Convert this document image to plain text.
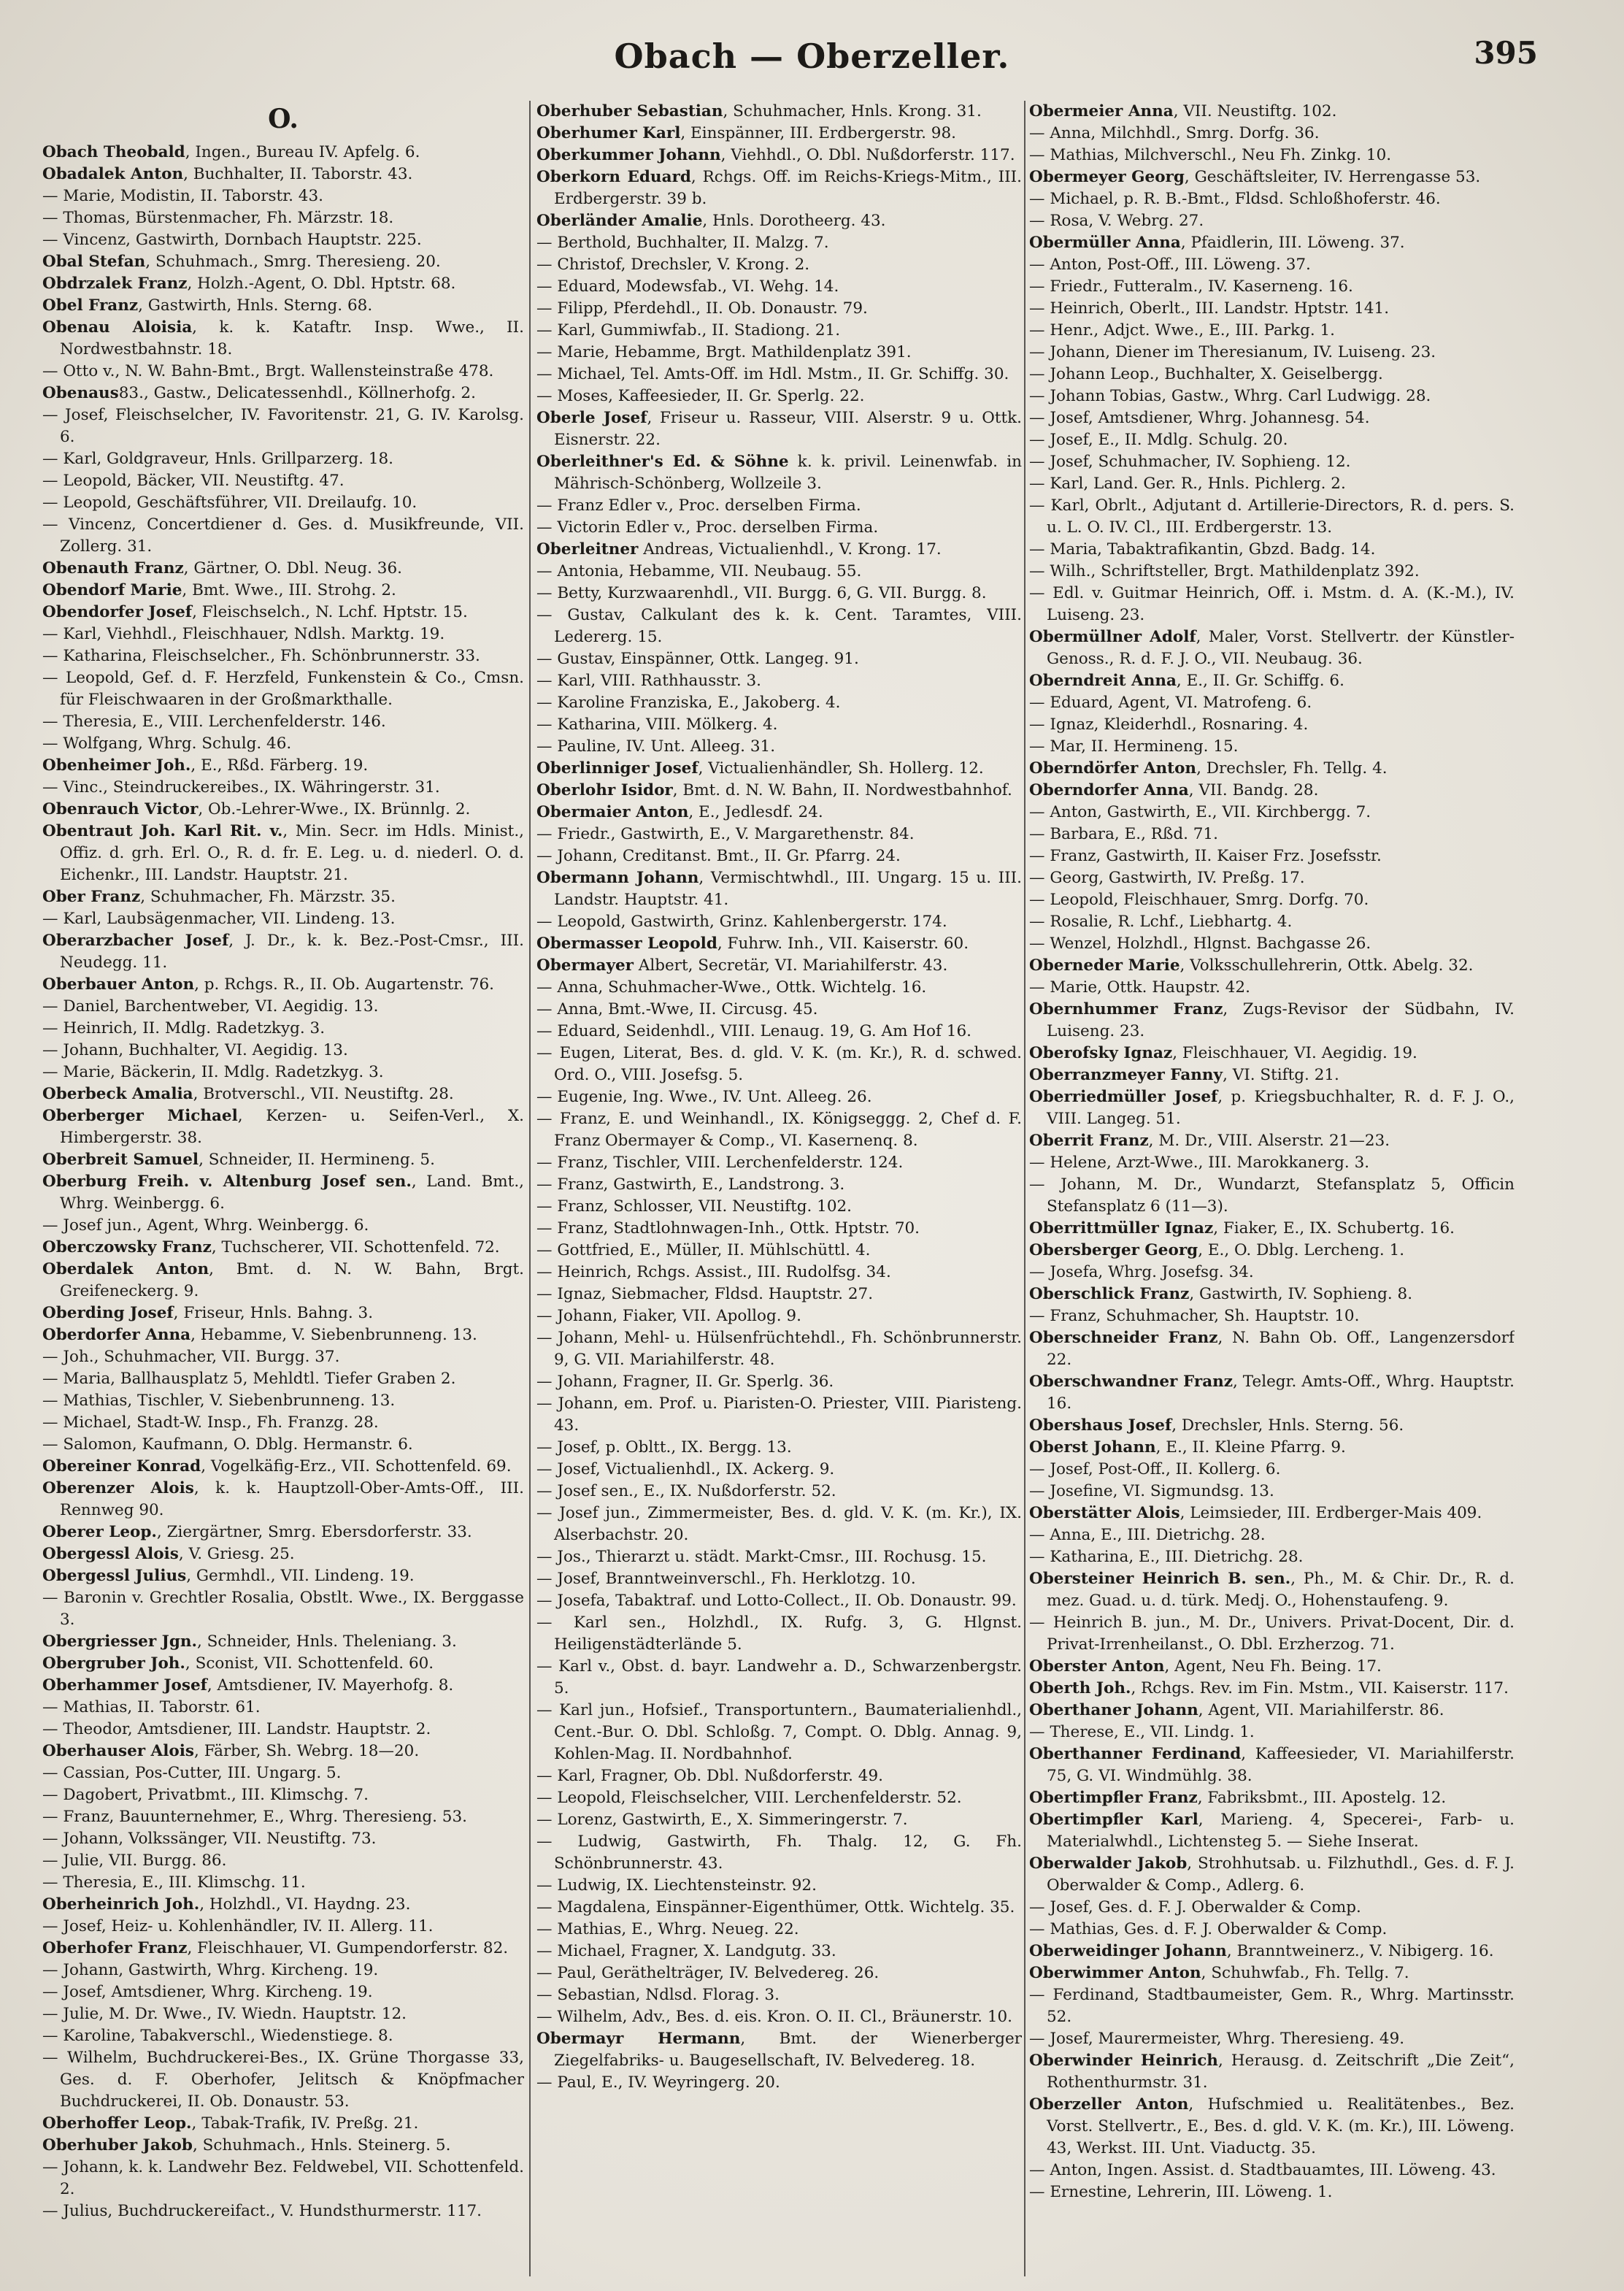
Obach — Oberzeller.	395
O.
Obach Theobald, Ingen., Bureau IV. Apfelg. 6.
Obadalek Anton, Buchhalter, II. Taborstr. 43.
— Marie, Modistin, II. Taborstr. 43.
— Thomas, Bürstenmacher, Fh. Märzstr. 18.
— Vincenz, Gastwirth, Dornbach Hauptstr. 225.
Obal Stefan, Schuhmach., Smrg. Theresieng. 20.
Obdrzalek Franz, Holzh.-Agent, O. Dbl. Hptstr. 68.
Obel Franz, Gastwirth, Hnls. Sterng. 68.
Obenau Aloisia, k. k. Kataftr. Insp. Wwe., II. Nordwestbahnstr. 18.
— Otto v., N. W. Bahn-Bmt., Brgt. Wallensteinstraße 478.
Obenaus83., Gastw., Delicatessenhdl., Köllnerhofg. 2.
— Josef, Fleischselcher, IV. Favoritenstr. 21, G. IV. Karolsg. 6.
— Karl, Goldgraveur, Hnls. Grillparzerg. 18.
— Leopold, Bäcker, VII. Neustiftg. 47.
— Leopold, Geschäftsführer, VII. Dreilaufg. 10.
— Vincenz, Concertdiener d. Ges. d. Musikfreunde, VII. Zollerg. 31.
Obenauth Franz, Gärtner, O. Dbl. Neug. 36.
Obendorf Marie, Bmt. Wwe., III. Strohg. 2.
Obendorfer Josef, Fleischselch., N. Lchf. Hptstr. 15.
— Karl, Viehhdl., Fleischhauer, Ndlsh. Marktg. 19.
— Katharina, Fleischselcher., Fh. Schönbrunnerstr. 33.
— Leopold, Gef. d. F. Herzfeld, Funkenstein & Co., Cmsn. für Fleischwaaren in der Großmarkthalle.
— Theresia, E., VIII. Lerchenfelderstr. 146.
— Wolfgang, Whrg. Schulg. 46.
Obenheimer Joh., E., Rßd. Färberg. 19.
— Vinc., Steindruckereibes., IX. Währingerstr. 31.
Obenrauch Victor, Ob.-Lehrer-Wwe., IX. Brünnlg. 2.
Obentraut Joh. Karl Rit. v., Min. Secr. im Hdls. Minist., Offiz. d. grh. Erl. O., R. d. fr. E. Leg. u. d. niederl. O. d. Eichenkr., III. Landstr. Hauptstr. 21.
Ober Franz, Schuhmacher, Fh. Märzstr. 35.
— Karl, Laubsägenmacher, VII. Lindeng. 13.
Oberarzbacher Josef, J. Dr., k. k. Bez.-Post-Cmsr., III. Neudegg. 11.
Oberbauer Anton, p. Rchgs. R., II. Ob. Augartenstr. 76.
— Daniel, Barchentweber, VI. Aegidig. 13.
— Heinrich, II. Mdlg. Radetzkyg. 3.
— Johann, Buchhalter, VI. Aegidig. 13.
— Marie, Bäckerin, II. Mdlg. Radetzkyg. 3.
Oberbeck Amalia, Brotverschl., VII. Neustiftg. 28.
Oberberger Michael, Kerzen- u. Seifen-Verl., X. Himbergerstr. 38.
Oberbreit Samuel, Schneider, II. Hermineng. 5.
Oberburg Freih. v. Altenburg Josef sen., Land. Bmt., Whrg. Weinbergg. 6.
— Josef jun., Agent, Whrg. Weinbergg. 6.
Oberczowsky Franz, Tuchscherer, VII. Schottenfeld. 72.
Oberdalek Anton, Bmt. d. N. W. Bahn, Brgt. Greifeneckerg. 9.
Oberding Josef, Friseur, Hnls. Bahng. 3.
Oberdorfer Anna, Hebamme, V. Siebenbrunneng. 13.
— Joh., Schuhmacher, VII. Burgg. 37.
— Maria, Ballhausplatz 5, Mehldtl. Tiefer Graben 2.
— Mathias, Tischler, V. Siebenbrunneng. 13.
— Michael, Stadt-W. Insp., Fh. Franzg. 28.
— Salomon, Kaufmann, O. Dblg. Hermanstr. 6.
Obereiner Konrad, Vogelkäfig-Erz., VII. Schottenfeld. 69.
Oberenzer Alois, k. k. Hauptzoll-Ober-Amts-Off., III. Rennweg 90.
Oberer Leop., Ziergärtner, Smrg. Ebersdorferstr. 33.
Obergessl Alois, V. Griesg. 25.
Obergessl Julius, Germhdl., VII. Lindeng. 19.
— Baronin v. Grechtler Rosalia, Obstlt. Wwe., IX. Berggasse 3.
Obergriesser Jgn., Schneider, Hnls. Theleniang. 3.
Obergruber Joh., Sconist, VII. Schottenfeld. 60.
Oberhammer Josef, Amtsdiener, IV. Mayerhofg. 8.
— Mathias, II. Taborstr. 61.
— Theodor, Amtsdiener, III. Landstr. Hauptstr. 2.
Oberhauser Alois, Färber, Sh. Webrg. 18—20.
— Cassian, Pos-Cutter, III. Ungarg. 5.
— Dagobert, Privatbmt., III. Klimschg. 7.
— Franz, Bauunternehmer, E., Whrg. Theresieng. 53.
— Johann, Volkssänger, VII. Neustiftg. 73.
— Julie, VII. Burgg. 86.
— Theresia, E., III. Klimschg. 11.
Oberheinrich Joh., Holzhdl., VI. Haydng. 23.
— Josef, Heiz- u. Kohlenhändler, IV. II. Allerg. 11.
Oberhofer Franz, Fleischhauer, VI. Gumpendorferstr. 82.
— Johann, Gastwirth, Whrg. Kircheng. 19.
— Josef, Amtsdiener, Whrg. Kircheng. 19.
— Julie, M. Dr. Wwe., IV. Wiedn. Hauptstr. 12.
— Karoline, Tabakverschl., Wiedenstiege. 8.
— Wilhelm, Buchdruckerei-Bes., IX. Grüne Thorgasse 33, Ges. d. F. Oberhofer, Jelitsch & Knöpfmacher Buchdruckerei, II. Ob. Donaustr. 53.
Oberhoffer Leop., Tabak-Trafik, IV. Preßg. 21.
Oberhuber Jakob, Schuhmach., Hnls. Steinerg. 5.
— Johann, k. k. Landwehr Bez. Feldwebel, VII. Schottenfeld. 2.
— Julius, Buchdruckereifact., V. Hundsthurmerstr. 117.
Oberhuber Sebastian, Schuhmacher, Hnls. Krong. 31.
Oberhumer Karl, Einspänner, III. Erdbergerstr. 98.
Oberkummer Johann, Viehhdl., O. Dbl. Nußdorferstr. 117.
Oberkorn Eduard, Rchgs. Off. im Reichs-Kriegs-Mitm., III. Erdbergerstr. 39 b.
Oberländer Amalie, Hnls. Dorotheerg. 43.
— Berthold, Buchhalter, II. Malzg. 7.
— Christof, Drechsler, V. Krong. 2.
— Eduard, Modewsfab., VI. Wehg. 14.
— Filipp, Pferdehdl., II. Ob. Donaustr. 79.
— Karl, Gummiwfab., II. Stadiong. 21.
— Marie, Hebamme, Brgt. Mathildenplatz 391.
— Michael, Tel. Amts-Off. im Hdl. Mstm., II. Gr. Schiffg. 30.
— Moses, Kaffeesieder, II. Gr. Sperlg. 22.
Oberle Josef, Friseur u. Rasseur, VIII. Alserstr. 9 u. Ottk. Eisnerstr. 22.
Oberleithner's Ed. & Söhne k. k. privil. Leinenwfab. in Mährisch-Schönberg, Wollzeile 3.
— Franz Edler v., Proc. derselben Firma.
— Victorin Edler v., Proc. derselben Firma.
Oberleitner Andreas, Victualienhdl., V. Krong. 17.
— Antonia, Hebamme, VII. Neubaug. 55.
— Betty, Kurzwaarenhdl., VII. Burgg. 6, G. VII. Burgg. 8.
— Gustav, Calkulant des k. k. Cent. Taramtes, VIII. Ledererg. 15.
— Gustav, Einspänner, Ottk. Langeg. 91.
— Karl, VIII. Rathhausstr. 3.
— Karoline Franziska, E., Jakoberg. 4.
— Katharina, VIII. Mölkerg. 4.
— Pauline, IV. Unt. Alleeg. 31.
Oberlinniger Josef, Victualienhändler, Sh. Hollerg. 12.
Oberlohr Isidor, Bmt. d. N. W. Bahn, II. Nordwestbahnhof.
Obermaier Anton, E., Jedlesdf. 24.
— Friedr., Gastwirth, E., V. Margarethenstr. 84.
— Johann, Creditanst. Bmt., II. Gr. Pfarrg. 24.
Obermann Johann, Vermischtwhdl., III. Ungarg. 15 u. III. Landstr. Hauptstr. 41.
— Leopold, Gastwirth, Grinz. Kahlenbergerstr. 174.
Obermasser Leopold, Fuhrw. Inh., VII. Kaiserstr. 60.
Obermayer Albert, Secretär, VI. Mariahilferstr. 43.
— Anna, Schuhmacher-Wwe., Ottk. Wichtelg. 16.
— Anna, Bmt.-Wwe, II. Circusg. 45.
— Eduard, Seidenhdl., VIII. Lenaug. 19, G. Am Hof 16.
— Eugen, Literat, Bes. d. gld. V. K. (m. Kr.), R. d. schwed. Ord. O., VIII. Josefsg. 5.
— Eugenie, Ing. Wwe., IV. Unt. Alleeg. 26.
— Franz, E. und Weinhandl., IX. Königseggg. 2, Chef d. F. Franz Obermayer & Comp., VI. Kasernenq. 8.
— Franz, Tischler, VIII. Lerchenfelderstr. 124.
— Franz, Gastwirth, E., Landstrong. 3.
— Franz, Schlosser, VII. Neustiftg. 102.
— Franz, Stadtlohnwagen-Inh., Ottk. Hptstr. 70.
— Gottfried, E., Müller, II. Mühlschüttl. 4.
— Heinrich, Rchgs. Assist., III. Rudolfsg. 34.
— Ignaz, Siebmacher, Fldsd. Hauptstr. 27.
— Johann, Fiaker, VII. Apollog. 9.
— Johann, Mehl- u. Hülsenfrüchtehdl., Fh. Schönbrunnerstr. 9, G. VII. Mariahilferstr. 48.
— Johann, Fragner, II. Gr. Sperlg. 36.
— Johann, em. Prof. u. Piaristen-O. Priester, VIII. Piaristeng. 43.
— Josef, p. Obltt., IX. Bergg. 13.
— Josef, Victualienhdl., IX. Ackerg. 9.
— Josef sen., E., IX. Nußdorferstr. 52.
— Josef jun., Zimmermeister, Bes. d. gld. V. K. (m. Kr.), IX. Alserbachstr. 20.
— Jos., Thierarzt u. städt. Markt-Cmsr., III. Rochusg. 15.
— Josef, Branntweinverschl., Fh. Herklotzg. 10.
— Josefa, Tabaktraf. und Lotto-Collect., II. Ob. Donaustr. 99.
— Karl sen., Holzhdl., IX. Rufg. 3, G. Hlgnst. Heiligenstädterlände 5.
— Karl v., Obst. d. bayr. Landwehr a. D., Schwarzenbergstr. 5.
— Karl jun., Hofsief., Transportuntern., Baumaterialienhdl., Cent.-Bur. O. Dbl. Schloßg. 7, Compt. O. Dblg. Annag. 9, Kohlen-Mag. II. Nordbahnhof.
— Karl, Fragner, Ob. Dbl. Nußdorferstr. 49.
— Leopold, Fleischselcher, VIII. Lerchenfelderstr. 52.
— Lorenz, Gastwirth, E., X. Simmeringerstr. 7.
— Ludwig, Gastwirth, Fh. Thalg. 12, G. Fh. Schönbrunnerstr. 43.
— Ludwig, IX. Liechtensteinstr. 92.
— Magdalena, Einspänner-Eigenthümer, Ottk. Wichtelg. 35.
— Mathias, E., Whrg. Neueg. 22.
— Michael, Fragner, X. Landgutg. 33.
— Paul, Geräthelträger, IV. Belvedereg. 26.
— Sebastian, Ndlsd. Florag. 3.
— Wilhelm, Adv., Bes. d. eis. Kron. O. II. Cl., Bräunerstr. 10.
Obermayr Hermann, Bmt. der Wienerberger Ziegelfabriks- u. Baugesellschaft, IV. Belvedereg. 18.
— Paul, E., IV. Weyringerg. 20.
Obermeier Anna, VII. Neustiftg. 102.
— Anna, Milchhdl., Smrg. Dorfg. 36.
— Mathias, Milchverschl., Neu Fh. Zinkg. 10.
Obermeyer Georg, Geschäftsleiter, IV. Herrengasse 53.
— Michael, p. R. B.-Bmt., Fldsd. Schloßhoferstr. 46.
— Rosa, V. Webrg. 27.
Obermüller Anna, Pfaidlerin, III. Löweng. 37.
— Anton, Post-Off., III. Löweng. 37.
— Friedr., Futteralm., IV. Kaserneng. 16.
— Heinrich, Oberlt., III. Landstr. Hptstr. 141.
— Henr., Adjct. Wwe., E., III. Parkg. 1.
— Johann, Diener im Theresianum, IV. Luiseng. 23.
— Johann Leop., Buchhalter, X. Geiselbergg.
— Johann Tobias, Gastw., Whrg. Carl Ludwigg. 28.
— Josef, Amtsdiener, Whrg. Johannesg. 54.
— Josef, E., II. Mdlg. Schulg. 20.
— Josef, Schuhmacher, IV. Sophieng. 12.
— Karl, Land. Ger. R., Hnls. Pichlerg. 2.
— Karl, Obrlt., Adjutant d. Artillerie-Directors, R. d. pers. S. u. L. O. IV. Cl., III. Erdbergerstr. 13.
— Maria, Tabaktrafikantin, Gbzd. Badg. 14.
— Wilh., Schriftsteller, Brgt. Mathildenplatz 392.
— Edl. v. Guitmar Heinrich, Off. i. Mstm. d. A. (K.-M.), IV. Luiseng. 23.
Obermüllner Adolf, Maler, Vorst. Stellvertr. der Künstler-Genoss., R. d. F. J. O., VII. Neubaug. 36.
Oberndreit Anna, E., II. Gr. Schiffg. 6.
— Eduard, Agent, VI. Matrofeng. 6.
— Ignaz, Kleiderhdl., Rosnaring. 4.
— Mar, II. Hermineng. 15.
Oberndörfer Anton, Drechsler, Fh. Tellg. 4.
Oberndorfer Anna, VII. Bandg. 28.
— Anton, Gastwirth, E., VII. Kirchbergg. 7.
— Barbara, E., Rßd. 71.
— Franz, Gastwirth, II. Kaiser Frz. Josefsstr.
— Georg, Gastwirth, IV. Preßg. 17.
— Leopold, Fleischhauer, Smrg. Dorfg. 70.
— Rosalie, R. Lchf., Liebhartg. 4.
— Wenzel, Holzhdl., Hlgnst. Bachgasse 26.
Oberneder Marie, Volksschullehrerin, Ottk. Abelg. 32.
— Marie, Ottk. Haupstr. 42.
Obernhummer Franz, Zugs-Revisor der Südbahn, IV. Luiseng. 23.
Oberofsky Ignaz, Fleischhauer, VI. Aegidig. 19.
Oberranzmeyer Fanny, VI. Stiftg. 21.
Oberriedmüller Josef, p. Kriegsbuchhalter, R. d. F. J. O., VIII. Langeg. 51.
Oberrit Franz, M. Dr., VIII. Alserstr. 21—23.
— Helene, Arzt-Wwe., III. Marokkanerg. 3.
— Johann, M. Dr., Wundarzt, Stefansplatz 5, Officin Stefansplatz 6 (11—3).
Oberrittmüller Ignaz, Fiaker, E., IX. Schubertg. 16.
Obersberger Georg, E., O. Dblg. Lercheng. 1.
— Josefa, Whrg. Josefsg. 34.
Oberschlick Franz, Gastwirth, IV. Sophieng. 8.
— Franz, Schuhmacher, Sh. Hauptstr. 10.
Oberschneider Franz, N. Bahn Ob. Off., Langenzersdorf 22.
Oberschwandner Franz, Telegr. Amts-Off., Whrg. Hauptstr. 16.
Obershaus Josef, Drechsler, Hnls. Sterng. 56.
Oberst Johann, E., II. Kleine Pfarrg. 9.
— Josef, Post-Off., II. Kollerg. 6.
— Josefine, VI. Sigmundsg. 13.
Oberstätter Alois, Leimsieder, III. Erdberger-Mais 409.
— Anna, E., III. Dietrichg. 28.
— Katharina, E., III. Dietrichg. 28.
Obersteiner Heinrich B. sen., Ph., M. & Chir. Dr., R. d. mez. Guad. u. d. türk. Medj. O., Hohenstaufeng. 9.
— Heinrich B. jun., M. Dr., Univers. Privat-Docent, Dir. d. Privat-Irrenheilanst., O. Dbl. Erzherzog. 71.
Oberster Anton, Agent, Neu Fh. Being. 17.
Oberth Joh., Rchgs. Rev. im Fin. Mstm., VII. Kaiserstr. 117.
Oberthaner Johann, Agent, VII. Mariahilferstr. 86.
— Therese, E., VII. Lindg. 1.
Oberthanner Ferdinand, Kaffeesieder, VI. Mariahilferstr. 75, G. VI. Windmühlg. 38.
Obertimpfler Franz, Fabriksbmt., III. Apostelg. 12.
Obertimpfler Karl, Marieng. 4, Specerei-, Farb- u. Materialwhdl., Lichtensteg 5. — Siehe Inserat.
Oberwalder Jakob, Strohhutsab. u. Filzhuthdl., Ges. d. F. J. Oberwalder & Comp., Adlerg. 6.
— Josef, Ges. d. F. J. Oberwalder & Comp.
— Mathias, Ges. d. F. J. Oberwalder & Comp.
Oberweidinger Johann, Branntweinerz., V. Nibigerg. 16.
Oberwimmer Anton, Schuhwfab., Fh. Tellg. 7.
— Ferdinand, Stadtbaumeister, Gem. R., Whrg. Martinsstr. 52.
— Josef, Maurermeister, Whrg. Theresieng. 49.
Oberwinder Heinrich, Herausg. d. Zeitschrift „Die Zeit“, Rothenthurmstr. 31.
Oberzeller Anton, Hufschmied u. Realitätenbes., Bez. Vorst. Stellvertr., E., Bes. d. gld. V. K. (m. Kr.), III. Löweng. 43, Werkst. III. Unt. Viaductg. 35.
— Anton, Ingen. Assist. d. Stadtbauamtes, III. Löweng. 43.
— Ernestine, Lehrerin, III. Löweng. 1.
